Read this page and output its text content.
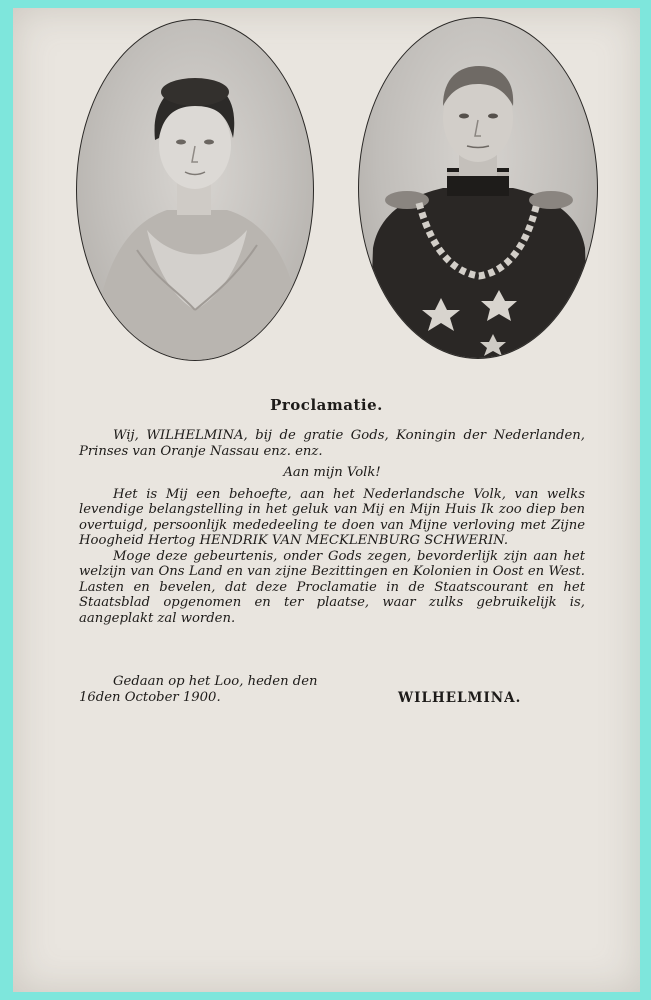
Proclamatie.

Wij, WILHELMINA, bij de gratie Gods, Koningin der Nederlanden, Prinses van Oranje Nassau enz. enz.

Aan mijn Volk!

Het is Mij een behoefte, aan het Nederlandsche Volk, van welks levendige belangstelling in het geluk van Mij en Mijn Huis Ik zoo diep ben overtuigd, persoonlijk mededeeling te doen van Mijne verloving met Zijne Hoogheid Hertog HENDRIK VAN MECKLENBURG SCHWERIN.

Moge deze gebeurtenis, onder Gods zegen, bevorderlijk zijn aan het welzijn van Ons Land en van zijne Bezittingen en Kolonien in Oost en West. Lasten en bevelen, dat deze Proclamatie in de Staatscourant en het Staatsblad opgenomen en ter plaatse, waar zulks gebruikelijk is, aangeplakt zal worden.

Gedaan op het Loo, heden den
16den October 1900.	WILHELMINA.
